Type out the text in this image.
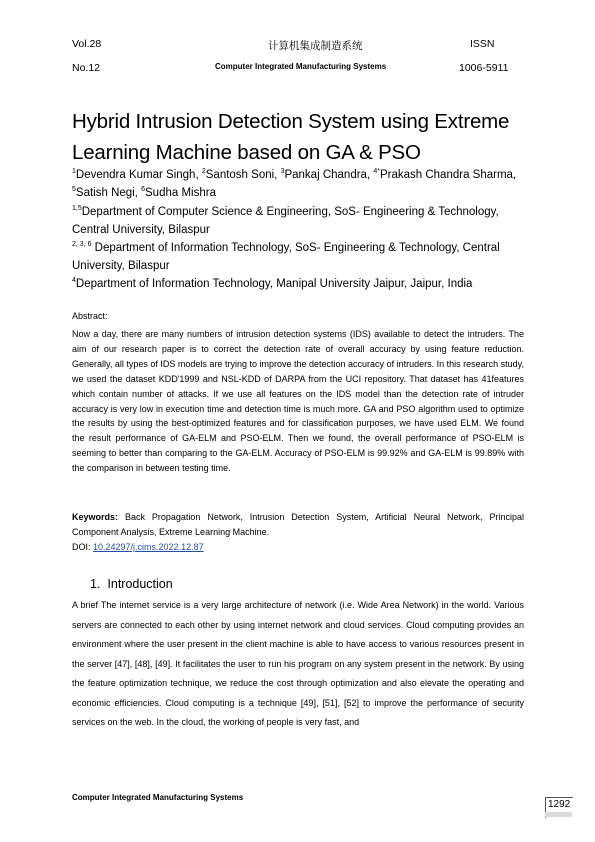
Vol.28	计算机集成制造系统	ISSN
No.12	Computer Integrated Manufacturing Systems	1006-5911
Hybrid Intrusion Detection System using Extreme Learning Machine based on GA & PSO
$^1$Devendra Kumar Singh, $^2$Santosh Soni, $^3$Pankaj Chandra, $^{4*}$Prakash Chandra Sharma,
$^5$Satish Negi, $^6$Sudha Mishra
$^{1,5}$Department of Computer Science & Engineering, SoS- Engineering & Technology, Central University, Bilaspur
$^{2, 3, 6}$ Department of Information Technology, SoS- Engineering & Technology, Central University, Bilaspur
$^4$Department of Information Technology, Manipal University Jaipur, Jaipur, India
Abstract:
Now a day, there are many numbers of intrusion detection systems (IDS) available to detect the intruders. The aim of our research paper is to correct the detection rate of overall accuracy by using feature reduction. Generally, all types of IDS models are trying to improve the detection accuracy of intruders. In this research study, we used the dataset KDD'1999 and NSL-KDD of DARPA from the UCI repository. That dataset has 41features which contain number of attacks. If we use all features on the IDS model than the detection rate of intruder accuracy is very low in execution time and detection time is much more. GA and PSO algorithm used to optimize the results by using the best-optimized features and for classification purposes, we have used ELM. We found the result performance of GA-ELM and PSO-ELM. Then we found, the overall performance of PSO-ELM is seeming to better than comparing to the GA-ELM. Accuracy of PSO-ELM is 99.92% and GA-ELM is 99.89% with the comparison in between testing time.
Keywords: Back Propagation Network, Intrusion Detection System, Artificial Neural Network, Principal Component Analysis, Extreme Learning Machine.
DOI: 10.24297/j.cims.2022.12.87
1. Introduction
A brief The internet service is a very large architecture of network (i.e. Wide Area Network) in the world. Various servers are connected to each other by using internet network and cloud services. Cloud computing provides an environment where the user present in the client machine is able to have access to various resources present in the server [47], [48], [49]. It facilitates the user to run his program on any system present in the network. By using the feature optimization technique, we reduce the cost through optimization and also elevate the operating and economic efficiencies. Cloud computing is a technique [49], [51], [52] to improve the performance of security services on the web. In the cloud, the working of people is very fast, and
Computer Integrated Manufacturing Systems
1292
